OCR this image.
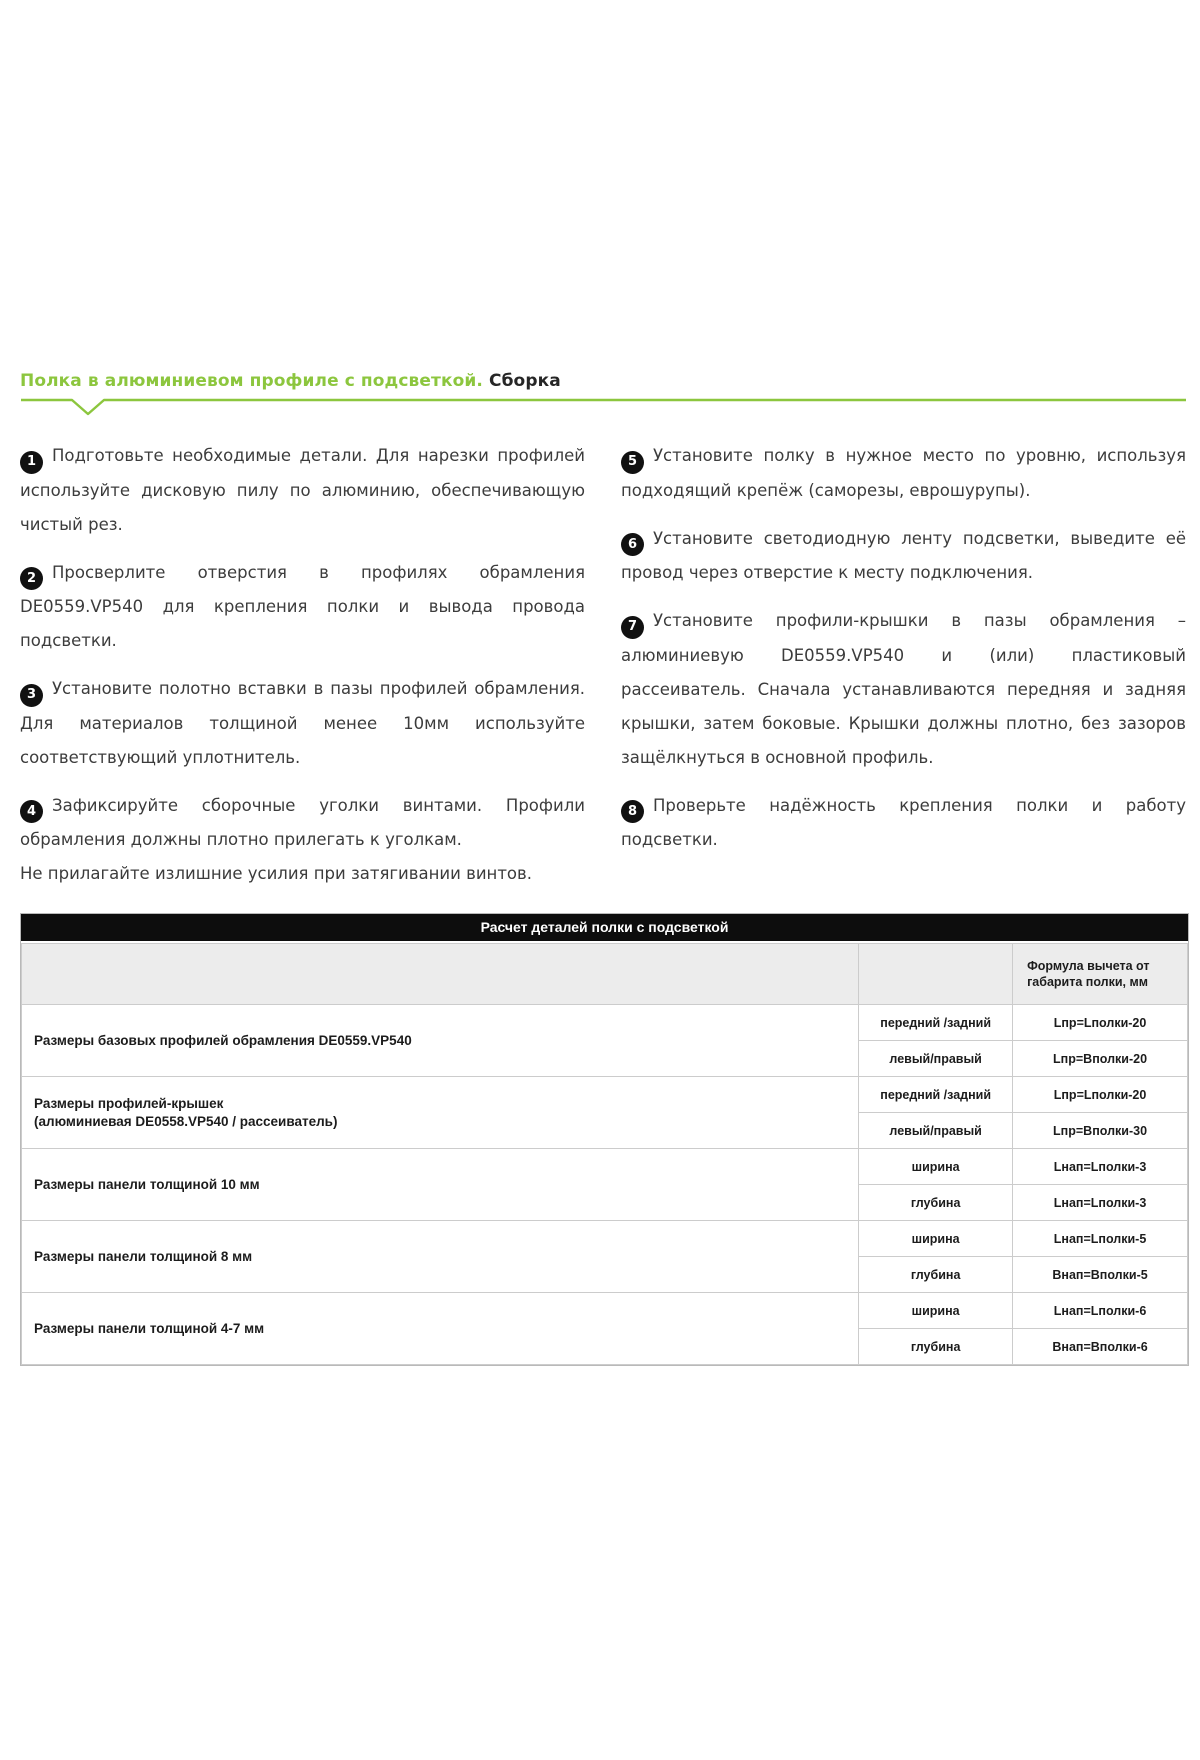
Полка в алюминиевом профиле с подсветкой. Сборка

1 Подготовьте необходимые детали. Для нарезки профилей используйте дисковую пилу по алюминию, обеспечивающую чистый рез.

2 Просверлите отверстия в профилях обрамления DE0559.VP540 для крепления полки и вывода провода подсветки.

3 Установите полотно вставки в пазы профилей обрамления. Для материалов толщиной менее 10мм используйте соответствующий уплотнитель.

4 Зафиксируйте сборочные уголки винтами. Профили обрамления должны плотно прилегать к уголкам.
Не прилагайте излишние усилия при затягивании винтов.

5 Установите полку в нужное место по уровню, используя подходящий крепёж (саморезы, еврошурупы).

6 Установите светодиодную ленту подсветки, выведите её провод через отверстие к месту подключения.

7 Установите профили-крышки в пазы обрамления – алюминиевую DE0559.VP540 и (или) пластиковый рассеиватель. Сначала устанавливаются передняя и задняя крышки, затем боковые. Крышки должны плотно, без зазоров защёлкнуться в основной профиль.

8 Проверьте надёжность крепления полки и работу подсветки.

Расчет деталей полки с подсветкой
		Формула вычета от габарита полки, мм
Размеры базовых профилей обрамления DE0559.VP540	передний /задний	Lпр=Lполки-20
	левый/правый	Lпр=Вполки-20

Размеры профилей-крышек
(алюминиевая DE0558.VP540 / рассеиватель)	передний /задний	Lпр=Lполки-20
	левый/правый	Lпр=Вполки-30
Размеры панели толщиной 10 мм	ширина	Lнап=Lполки-3
	глубина	Lнап=Lполки-3
Размеры панели толщиной 8 мм	ширина	Lнап=Lполки-5
	глубина	Внап=Вполки-5
Размеры панели толщиной 4-7 мм	ширина	Lнап=Lполки-6
	глубина	Внап=Вполки-6
